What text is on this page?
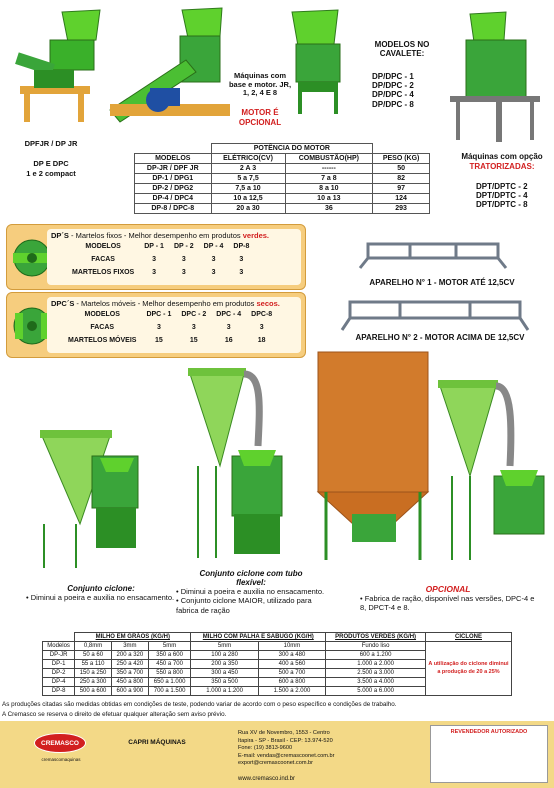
DPFJR / DP JR
DP E DPC
1 e 2 compact
Máquinas com base e motor. JR, 1, 2, 4 E 8
MOTOR É
OPCIONAL
MODELOS NO CAVALETE:
DP/DPC - 1
DP/DPC - 2
DP/DPC - 4
DP/DPC - 8
Máquinas com opção
TRATORIZADAS:
DPT/DPTC - 2
DPT/DPTC - 4
DPT/DPTC - 8
	POTÊNCIA DO MOTOR		
MODELOS	ELÉTRICO(CV)	COMBUSTÃO(HP)	PESO (KG)
DP-JR / DPF JR	2 A 3	------	50
DP-1 / DPG1	5 a 7,5	7 a 8	82
DP-2 / DPG2	7,5 a 10	8 a 10	97
DP-4 / DPC4	10 a 12,5	10 a 13	124
DP-8 / DPC-8	20 a 30	36	293
DP´S - Martelos fixos - Melhor desempenho em produtos verdes.
MODELOS	DP - 1	DP - 2	DP - 4	DP-8
FACAS	3	3	3	3
MARTELOS FIXOS	3	3	3	3
DPC´S - Martelos móveis - Melhor desempenho em produtos secos.
MODELOS	DPC - 1	DPC - 2	DPC - 4	DPC-8
FACAS	3	3	3	3
MARTELOS MÓVEIS	15	15	16	18
APARELHO N° 1 - MOTOR ATÉ 12,5CV
APARELHO N° 2 - MOTOR ACIMA DE 12,5CV
Conjunto ciclone:
• Diminui a poeira e auxilia no ensacamento.
Conjunto ciclone com tubo
flexível:
• Diminui a poeira e auxilia no ensacamento.
• Conjunto ciclone MAIOR, utilizado para fabrica de ração
OPCIONAL
• Fabrica de ração, disponível nas versões, DPC-4 e 8, DPCT-4 e 8.
	MILHO EM GRÃOS (KG/H)			MILHO COM PALHA E SABUGO (KG/H)		PRODUTOS VERDES (KG/H)	CICLONE
Modelos	0,8mm	3mm	5mm	5mm	10mm	Fundo liso	A utilização do ciclone diminui a produção de 20 a 25%
DP-JR	50 a 60	200 a 320	350 a 600	100 a 280	300 a 480	600 a 1.200	
DP-1	55 a 110	250 a 420	450 a 700	200 a 350	400 a 560	1.000 a 2.000	
DP-2	150 a 250	350 a 700	550 a 800	300 a 450	500 a 700	2.500 a 3.000	
DP-4	250 a 300	450 a 800	650 a 1.000	350 a 500	600 a 800	3.500 a 4.000	
DP-8	500 a 600	600 a 900	700 a 1.500	1.000 a 1.200	1.500 a 2.000	5.000 a 6.000	
As produções citadas são medidas obtidas em condições de teste, podendo variar de acordo com o peso específico e condições de trabalho.
A Cremasco se reserva o direito de efetuar qualquer alteração sem aviso prévio.
CREMASCO
cremascomaquinas
CAPRI MÁQUINAS
Rua XV de Novembro, 1553 - Centro
Itapira - SP - Brasil - CEP: 13.974-520
Fone: (19) 3813-9600
E-mail: vendas@cremascoonet.com.br
export@cremascoonet.com.br
www.cremasco.ind.br
REVENDEDOR AUTORIZADO
